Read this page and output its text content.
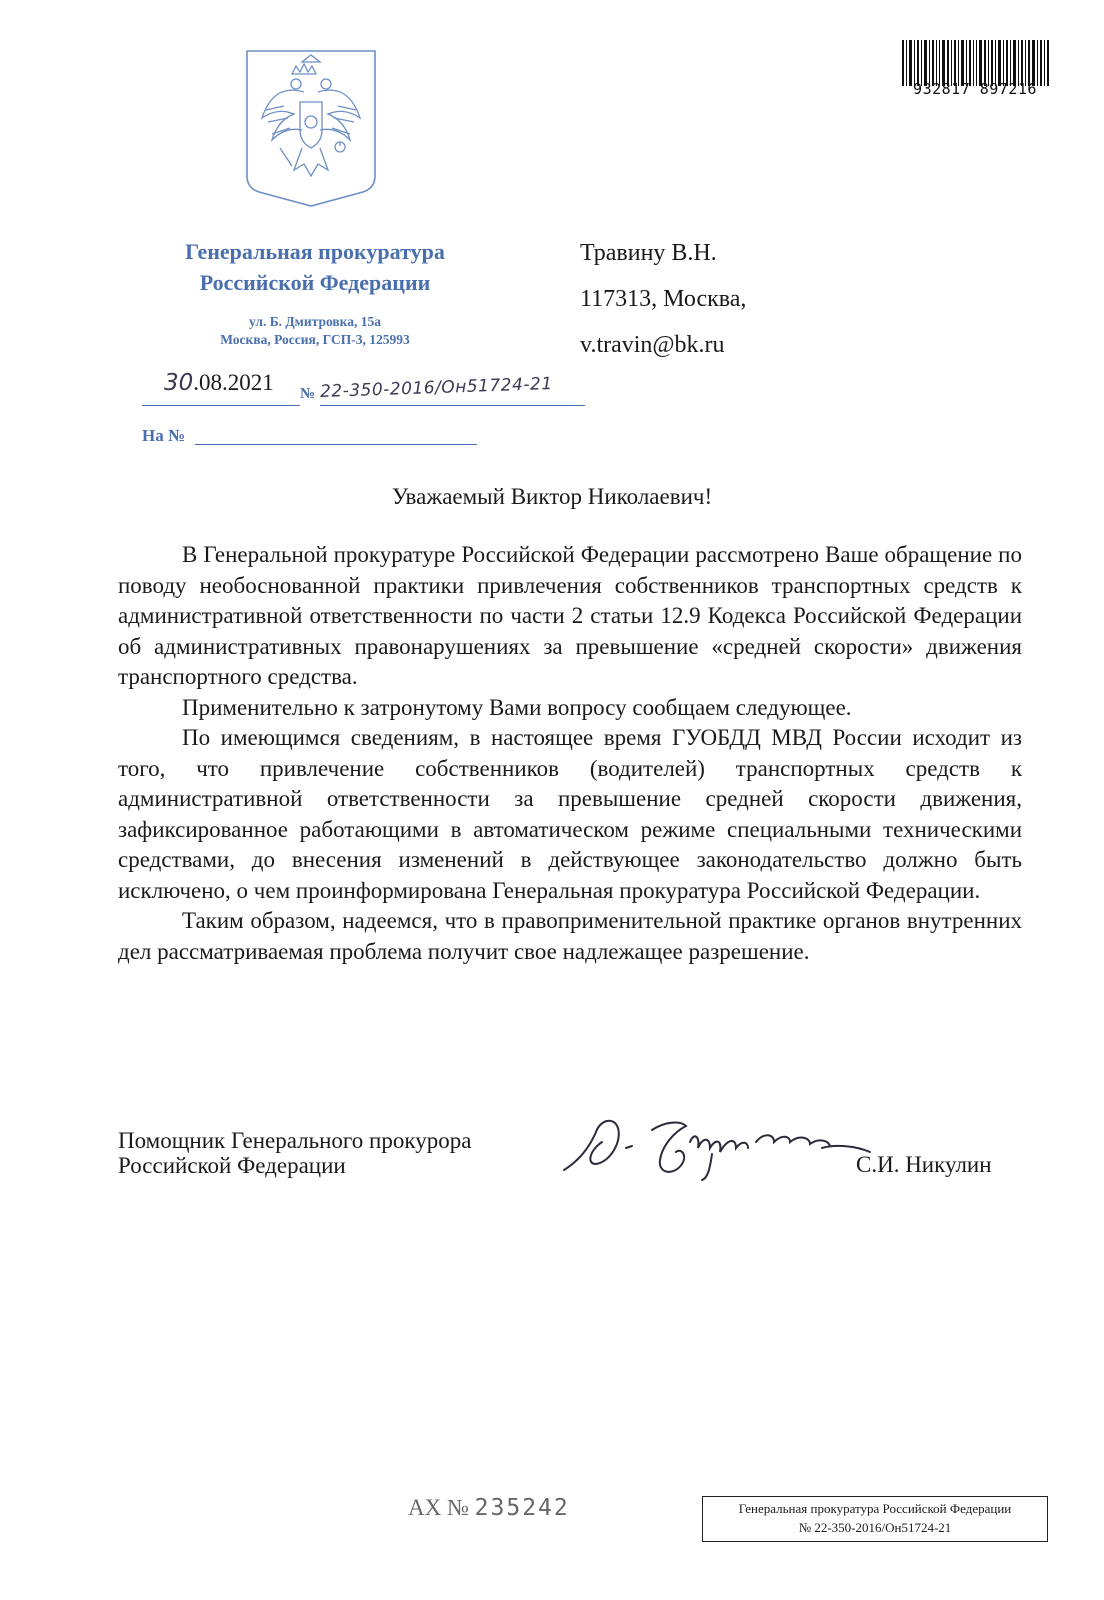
932817 897216
Генеральная прокуратура
Российской Федерации
ул. Б. Дмитровка, 15а
Москва, Россия, ГСП-3, 125993
Травину В.Н.
117313, Москва,
v.travin@bk.ru
30.08.2021 № 22-350-2016/Он51724-21
На №
Уважаемый Виктор Николаевич!

В Генеральной прокуратуре Российской Федерации рассмотрено Ваше обращение по поводу необоснованной практики привлечения собственников транспортных средств к административной ответственности по части 2 статьи 12.9 Кодекса Российской Федерации об административных правонарушениях за превышение «средней скорости» движения транспортного средства.

Применительно к затронутому Вами вопросу сообщаем следующее.

По имеющимся сведениям, в настоящее время ГУОБДД МВД России исходит из того, что привлечение собственников (водителей) транспортных средств к административной ответственности за превышение средней скорости движения, зафиксированное работающими в автоматическом режиме специальными техническими средствами, до внесения изменений в действующее законодательство должно быть исключено, о чем проинформирована Генеральная прокуратура Российской Федерации.

Таким образом, надеемся, что в правоприменительной практике органов внутренних дел рассматриваемая проблема получит свое надлежащее разрешение.

Помощник Генерального прокурора
Российской Федерации	С.И. Никулин
АХ № 235242	Генеральная прокуратура Российской Федерации
№ 22-350-2016/Он51724-21
